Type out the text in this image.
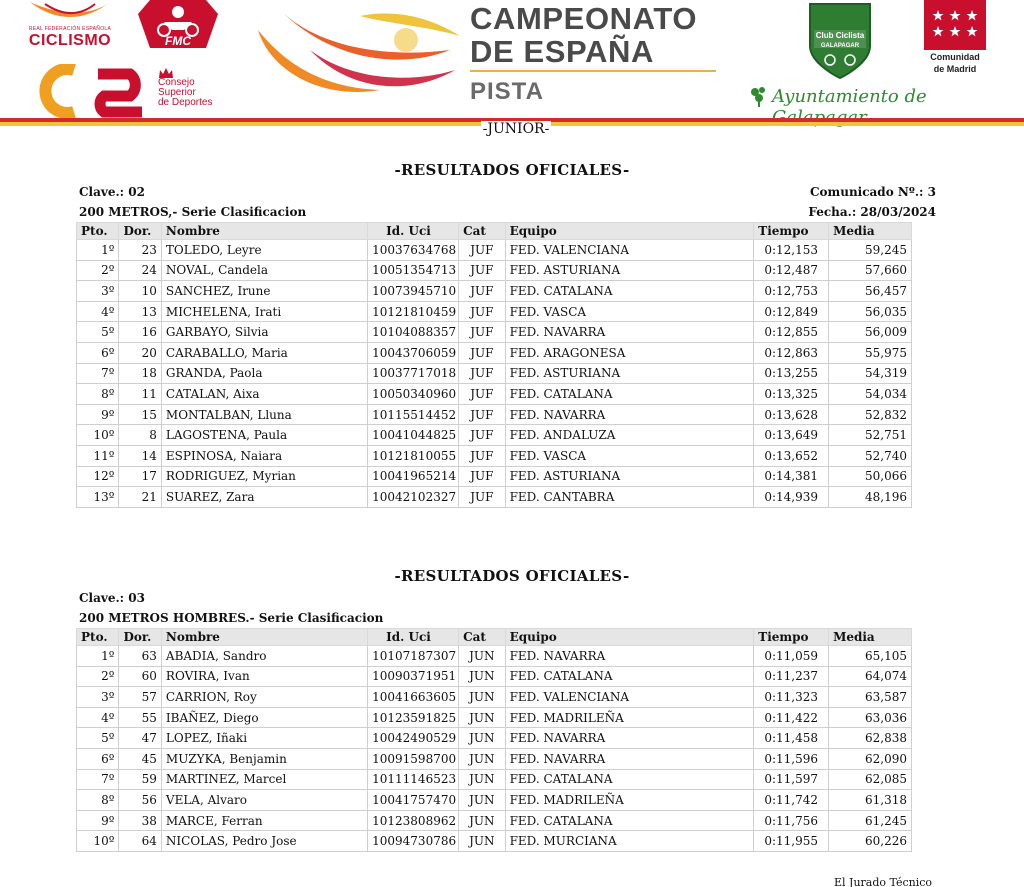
REAL FEDERACIÓN ESPAÑOLA
CICLISMO	FMC
Consejo
Superior
de Deportes
CAMPEONATO
DE ESPAÑA
PISTA
Club Ciclista
GALAPAGAR
Comunidad
de Madrid
Ayuntamiento de
-JUNIOR-
-RESULTADOS OFICIALES-
Clave.: 02	Comunicado Nº.: 3
200 METROS,- Serie Clasificacion	Fecha.: 28/03/2024
Pto.	Dor.	Nombre	Id. Uci	Cat	Equipo	Tiempo	Media
1º	23	TOLEDO, Leyre	10037634768	JUF	FED. VALENCIANA	0:12,153	59,245
2º	24	NOVAL, Candela	10051354713	JUF	FED. ASTURIANA	0:12,487	57,660
3º	10	SANCHEZ, Irune	10073945710	JUF	FED. CATALANA	0:12,753	56,457
4º	13	MICHELENA, Irati	10121810459	JUF	FED. VASCA	0:12,849	56,035
5º	16	GARBAYO, Silvia	10104088357	JUF	FED. NAVARRA	0:12,855	56,009
6º	20	CARABALLO, Maria	10043706059	JUF	FED. ARAGONESA	0:12,863	55,975
7º	18	GRANDA, Paola	10037717018	JUF	FED. ASTURIANA	0:13,255	54,319
8º	11	CATALAN, Aixa	10050340960	JUF	FED. CATALANA	0:13,325	54,034
9º	15	MONTALBAN, Lluna	10115514452	JUF	FED. NAVARRA	0:13,628	52,832
10º	8	LAGOSTENA, Paula	10041044825	JUF	FED. ANDALUZA	0:13,649	52,751
11º	14	ESPINOSA, Naiara	10121810055	JUF	FED. VASCA	0:13,652	52,740
12º	17	RODRIGUEZ, Myrian	10041965214	JUF	FED. ASTURIANA	0:14,381	50,066
13º	21	SUAREZ, Zara	10042102327	JUF	FED. CANTABRA	0:14,939	48,196
-RESULTADOS OFICIALES-
Clave.: 03
200 METROS HOMBRES.- Serie Clasificacion
Pto.	Dor.	Nombre	Id. Uci	Cat	Equipo	Tiempo	Media
1º	63	ABADIA, Sandro	10107187307	JUN	FED. NAVARRA	0:11,059	65,105
2º	60	ROVIRA, Ivan	10090371951	JUN	FED. CATALANA	0:11,237	64,074
3º	57	CARRION, Roy	10041663605	JUN	FED. VALENCIANA	0:11,323	63,587
4º	55	IBAÑEZ, Diego	10123591825	JUN	FED. MADRILEÑA	0:11,422	63,036
5º	47	LOPEZ, Iñaki	10042490529	JUN	FED. NAVARRA	0:11,458	62,838
6º	45	MUZYKA, Benjamin	10091598700	JUN	FED. NAVARRA	0:11,596	62,090
7º	59	MARTINEZ, Marcel	10111146523	JUN	FED. CATALANA	0:11,597	62,085
8º	56	VELA, Alvaro	10041757470	JUN	FED. MADRILEÑA	0:11,742	61,318
9º	38	MARCE, Ferran	10123808962	JUN	FED. CATALANA	0:11,756	61,245
10º	64	NICOLAS, Pedro Jose	10094730786	JUN	FED. MURCIANA	0:11,955	60,226
El Jurado Técnico
